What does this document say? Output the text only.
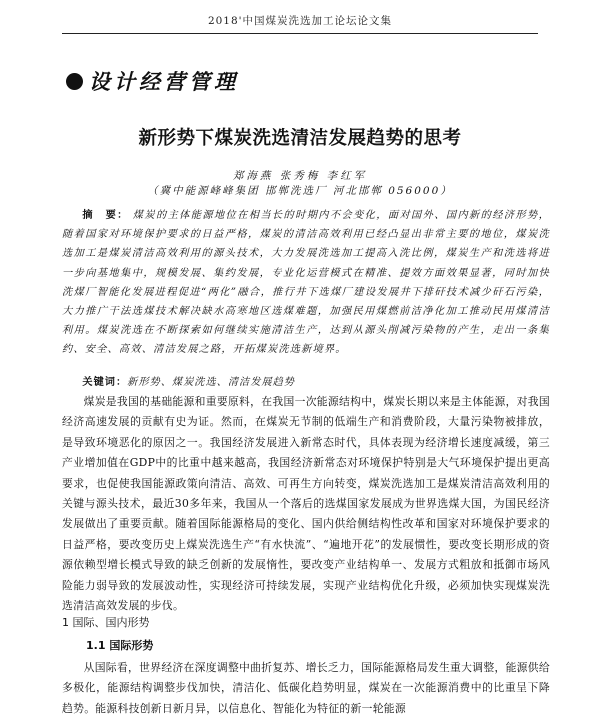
2018'中国煤炭洗选加工论坛论文集
设计经营管理
新形势下煤炭洗选清洁发展趋势的思考
郑海燕 张秀梅 李红军
（冀中能源峰峰集团 邯郸洗选厂 河北邯郸 056000）
摘　要： 煤炭的主体能源地位在相当长的时期内不会变化，面对国外、国内新的经济形势，随着国家对环境保护要求的日益严格，煤炭的清洁高效利用已经凸显出非常主要的地位，煤炭洗选加工是煤炭清洁高效利用的源头技术，大力发展洗选加工提高入洗比例，煤炭生产和洗选将进一步向基地集中，规模发展、集约发展，专业化运营模式在精准、提效方面效果显著，同时加快洗煤厂智能化发展进程促进“两化”融合，推行井下选煤厂建设发展井下排矸技术减少矸石污染，大力推广干法选煤技术解决缺水高寒地区选煤难题，加强民用煤燃前洁净化加工推动民用煤清洁利用。煤炭洗选在不断探索如何继续实施清洁生产，达到从源头削减污染物的产生，走出一条集约、安全、高效、清洁发展之路，开拓煤炭洗选新境界。
关键词：新形势、煤炭洗选、清洁发展趋势
煤炭是我国的基础能源和重要原料，在我国一次能源结构中，煤炭长期以来是主体能源，对我国经济高速发展的贡献有史为证。然而，在煤炭无节制的低端生产和消费阶段，大量污染物被排放，是导致环境恶化的原因之一。我国经济发展进入新常态时代，具体表现为经济增长速度减缓，第三产业增加值在GDP中的比重中越来越高，我国经济新常态对环境保护特别是大气环境保护提出更高要求，也促使我国能源政策向清洁、高效、可再生方向转变，煤炭洗选加工是煤炭清洁高效利用的关键与源头技术，最近30多年来，我国从一个落后的选煤国家发展成为世界选煤大国，为国民经济发展做出了重要贡献。随着国际能源格局的变化、国内供给侧结构性改革和国家对环境保护要求的日益严格，要改变历史上煤炭洗选生产“有水快流”、“遍地开花”的发展惯性，要改变长期形成的资源依赖型增长模式导致的缺乏创新的发展惰性，要改变产业结构单一、发展方式粗放和抵御市场风险能力弱导致的发展波动性，实现经济可持续发展，实现产业结构优化升级，必须加快实现煤炭洗选清洁高效发展的步伐。
1 国际、国内形势
1.1 国际形势
从国际看，世界经济在深度调整中曲折复苏、增长乏力，国际能源格局发生重大调整，能源供给多极化，能源结构调整步伐加快，清洁化、低碳化趋势明显，煤炭在一次能源消费中的比重呈下降趋势。能源科技创新日新月异，以信息化、智能化为特征的新一轮能源
